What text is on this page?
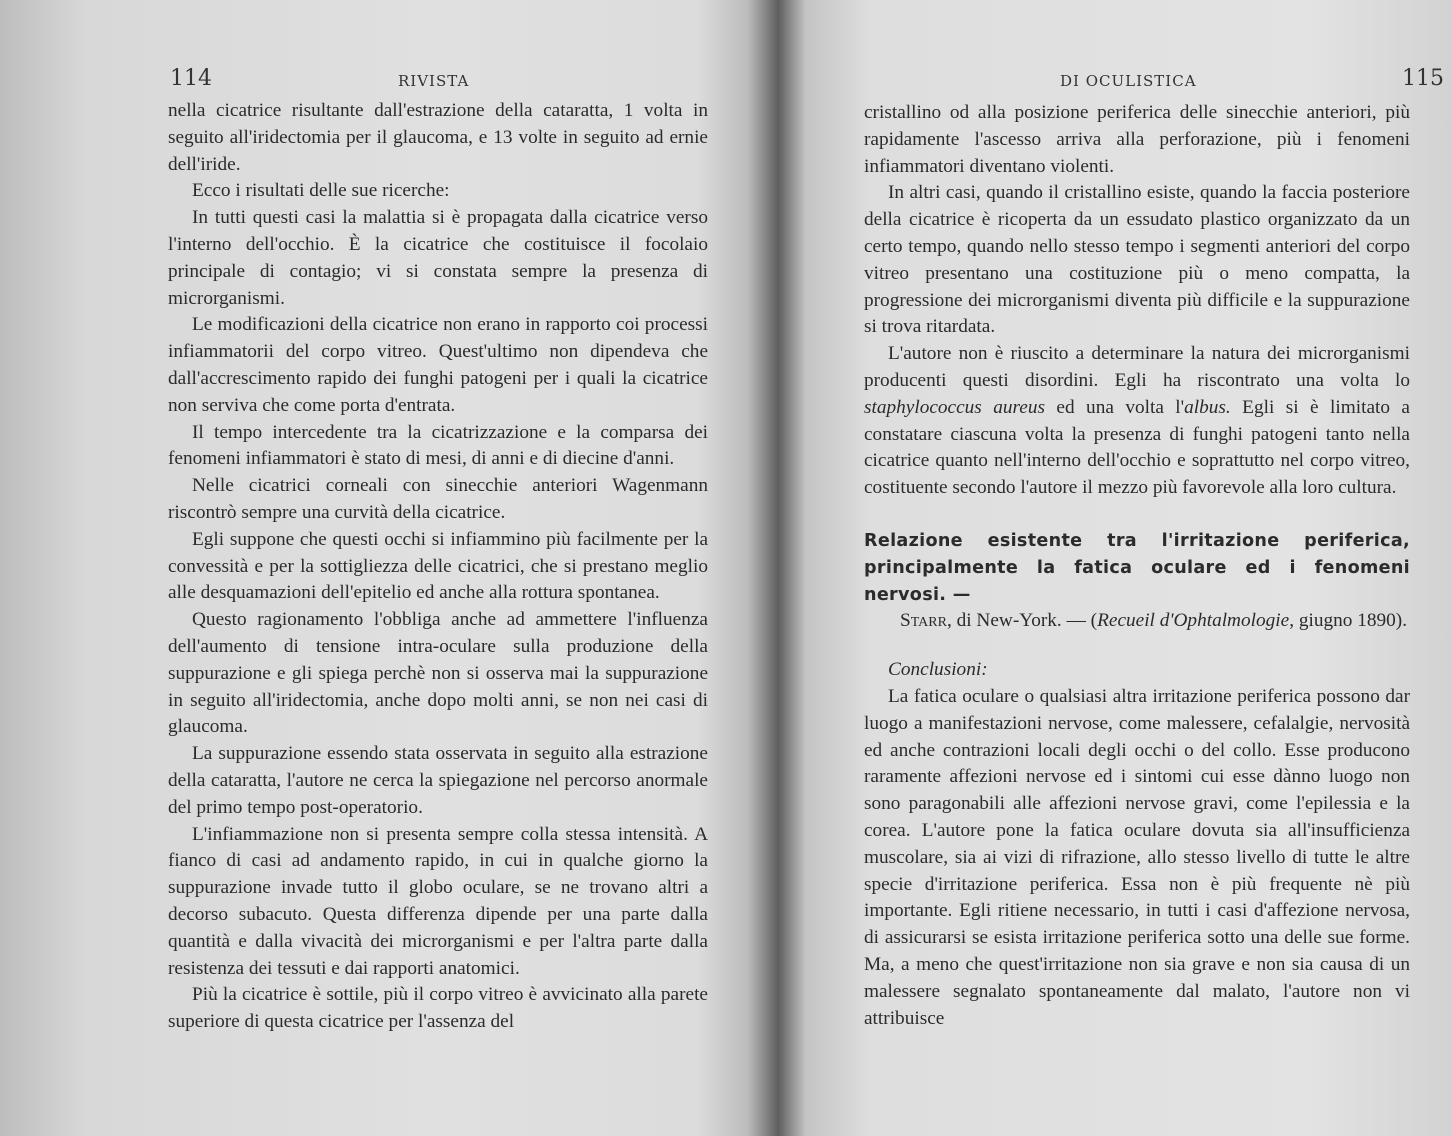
114	RIVISTA

nella cicatrice risultante dall'estrazione della cataratta, 1 volta in seguito all'iridectomia per il glaucoma, e 13 volte in seguito ad ernie dell'iride.

Ecco i risultati delle sue ricerche:

In tutti questi casi la malattia si è propagata dalla cicatrice verso l'interno dell'occhio. È la cicatrice che costituisce il focolaio principale di contagio; vi si constata sempre la presenza di microrganismi.

Le modificazioni della cicatrice non erano in rapporto coi processi infiammatorii del corpo vitreo. Quest'ultimo non dipendeva che dall'accrescimento rapido dei funghi patogeni per i quali la cicatrice non serviva che come porta d'entrata.

Il tempo intercedente tra la cicatrizzazione e la comparsa dei fenomeni infiammatori è stato di mesi, di anni e di diecine d'anni.

Nelle cicatrici corneali con sinecchie anteriori Wagenmann riscontrò sempre una curvità della cicatrice.

Egli suppone che questi occhi si infiammino più facilmente per la convessità e per la sottigliezza delle cicatrici, che si prestano meglio alle desquamazioni dell'epitelio ed anche alla rottura spontanea.

Questo ragionamento l'obbliga anche ad ammettere l'influenza dell'aumento di tensione intra-oculare sulla produzione della suppurazione e gli spiega perchè non si osserva mai la suppurazione in seguito all'iridectomia, anche dopo molti anni, se non nei casi di glaucoma.

La suppurazione essendo stata osservata in seguito alla estrazione della cataratta, l'autore ne cerca la spiegazione nel percorso anormale del primo tempo post-operatorio.

L'infiammazione non si presenta sempre colla stessa intensità. A fianco di casi ad andamento rapido, in cui in qualche giorno la suppurazione invade tutto il globo oculare, se ne trovano altri a decorso subacuto. Questa differenza dipende per una parte dalla quantità e dalla vivacità dei microrganismi e per l'altra parte dalla resistenza dei tessuti e dai rapporti anatomici.

Più la cicatrice è sottile, più il corpo vitreo è avvicinato alla parete superiore di questa cicatrice per l'assenza del

DI OCULISTICA	115

cristallino od alla posizione periferica delle sinecchie anteriori, più rapidamente l'ascesso arriva alla perforazione, più i fenomeni infiammatori diventano violenti.

In altri casi, quando il cristallino esiste, quando la faccia posteriore della cicatrice è ricoperta da un essudato plastico organizzato da un certo tempo, quando nello stesso tempo i segmenti anteriori del corpo vitreo presentano una costituzione più o meno compatta, la progressione dei microrganismi diventa più difficile e la suppurazione si trova ritardata.

L'autore non è riuscito a determinare la natura dei microrganismi producenti questi disordini. Egli ha riscontrato una volta lo staphylococcus aureus ed una volta l'albus. Egli si è limitato a constatare ciascuna volta la presenza di funghi patogeni tanto nella cicatrice quanto nell'interno dell'occhio e soprattutto nel corpo vitreo, costituente secondo l'autore il mezzo più favorevole alla loro cultura.

Relazione esistente tra l'irritazione periferica, principalmente la fatica oculare ed i fenomeni nervosi. —

Starr, di New-York. — (Recueil d'Ophtalmologie, giugno 1890).

Conclusioni:

La fatica oculare o qualsiasi altra irritazione periferica possono dar luogo a manifestazioni nervose, come malessere, cefalalgie, nervosità ed anche contrazioni locali degli occhi o del collo. Esse producono raramente affezioni nervose ed i sintomi cui esse dànno luogo non sono paragonabili alle affezioni nervose gravi, come l'epilessia e la corea. L'autore pone la fatica oculare dovuta sia all'insufficienza muscolare, sia ai vizi di rifrazione, allo stesso livello di tutte le altre specie d'irritazione periferica. Essa non è più frequente nè più importante. Egli ritiene necessario, in tutti i casi d'affezione nervosa, di assicurarsi se esista irritazione periferica sotto una delle sue forme. Ma, a meno che quest'irritazione non sia grave e non sia causa di un malessere segnalato spontaneamente dal malato, l'autore non vi attribuisce
